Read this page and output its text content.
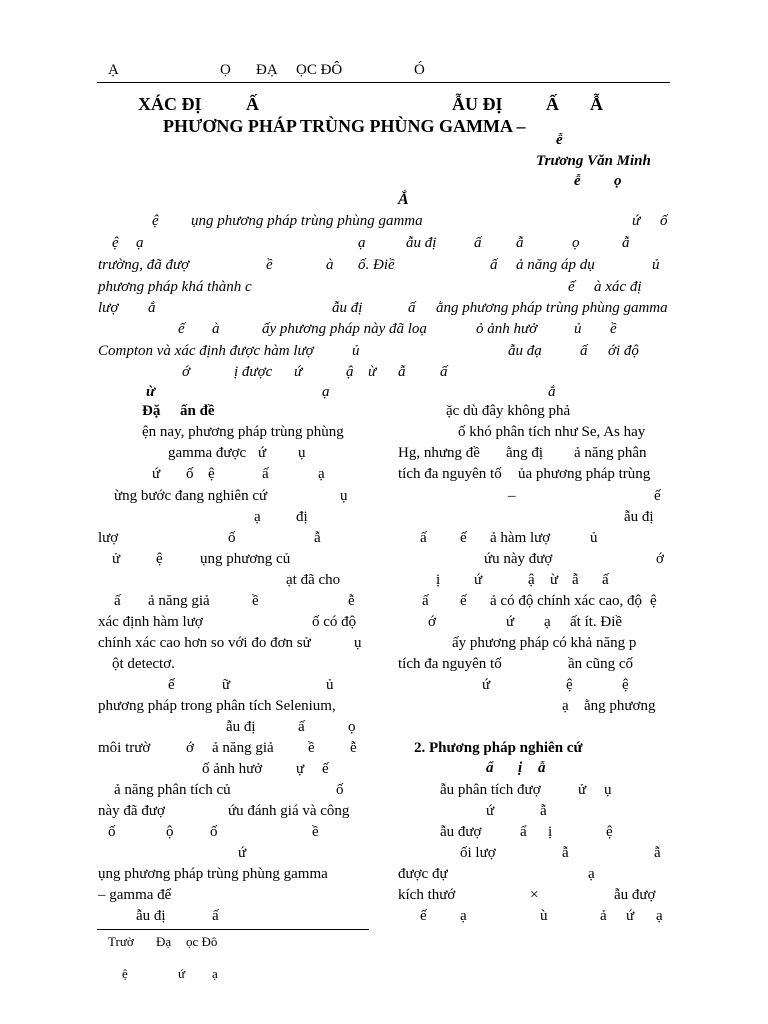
Ạ	Ọ ĐẠ ỌC ĐÔ	Ó
XÁC ĐỊ Ấ	ẪU ĐỊ Ấ Ẫ
PHƯƠNG PHÁP TRÙNG PHÙNG GAMMA –
ễ
Trương Văn Minh
ễ ọ
Ắ
ệ ụng phương pháp trùng phùng gamma	ứ ố
ệ ạ	ạ	ẫu đị	ấ ẫ	ọ	ẫ
trường, đã đượ	ề	à ố. Điề	ấ ả năng áp dụ	ủ
phương pháp khá thành c	ế à xác đị
lượ ắ	ẫu đị	ấ ằng phương pháp trùng phùng gamma
ế à	ấy phương pháp này đã loạ	ỏ ảnh hưở ủ ề
Compton và xác định được hàm lượ	ủ	ẫu đạ	ấ ới độ
ớ	ị được ứ	ậ ừ ẫ ấ
ừ	ạ	ắ
Đặ ấn đề
ện nay, phương pháp trùng phùng
gamma được ứ ụ
ứ ố ệ	ấ	ạ
ừng bước đang nghiên cứ	ụ
ạ đị
lượ	ố	ẫ
ử ệ ụng phương củ
ạt đã cho
ấ ả năng giả	ề	ễ
xác định hàm lượ	ố có độ
chính xác cao hơn so với đo đơn sử	ụ
ột detectơ.
ế	ữ	ủ
phương pháp trong phân tích Selenium,
ẫu đị	ấ	ọ
môi trườ ớ ả năng giả ề ễ
ố ảnh hưở ự ế
ả năng phân tích củ	ố
này đã đượ	ứu đánh giá và công
ố	ộ ố	ề
ứ
ụng phương pháp trùng phùng gamma
– gamma để
ẫu đị	ấ
ặc dù đây không phả
ố khó phân tích như Se, As hay
Hg, nhưng đề ằng đị ả năng phân
tích đa nguyên tố ủa phương pháp trùng
–	ế
ẫu đị
ấ ế ả hàm lượ	ủ
ứu này đượ	ớ
ị ứ	ậ ừ ẫ ấ
ấ ế ả có độ chính xác cao, độ ệ
ớ	ứ ạ ất ít. Điề
ấy phương pháp có khả năng p
tích đa nguyên tố	ần cũng cố
ứ	ệ	ệ
ạ ằng phương
2. Phương pháp nghiên cứ
ẩ ị ẫ
ẫu phân tích đượ ử ụ
ứ	ẫ
ẫu đượ	ẩ ị	ệ
ối lượ	ẫ	ẫ
được đự	ạ
kích thướ	×	ẫu đượ
ế ạ	ù	ả ứ ạ
Trườ Đạ ọc Đô
ệ	ứ ạ
